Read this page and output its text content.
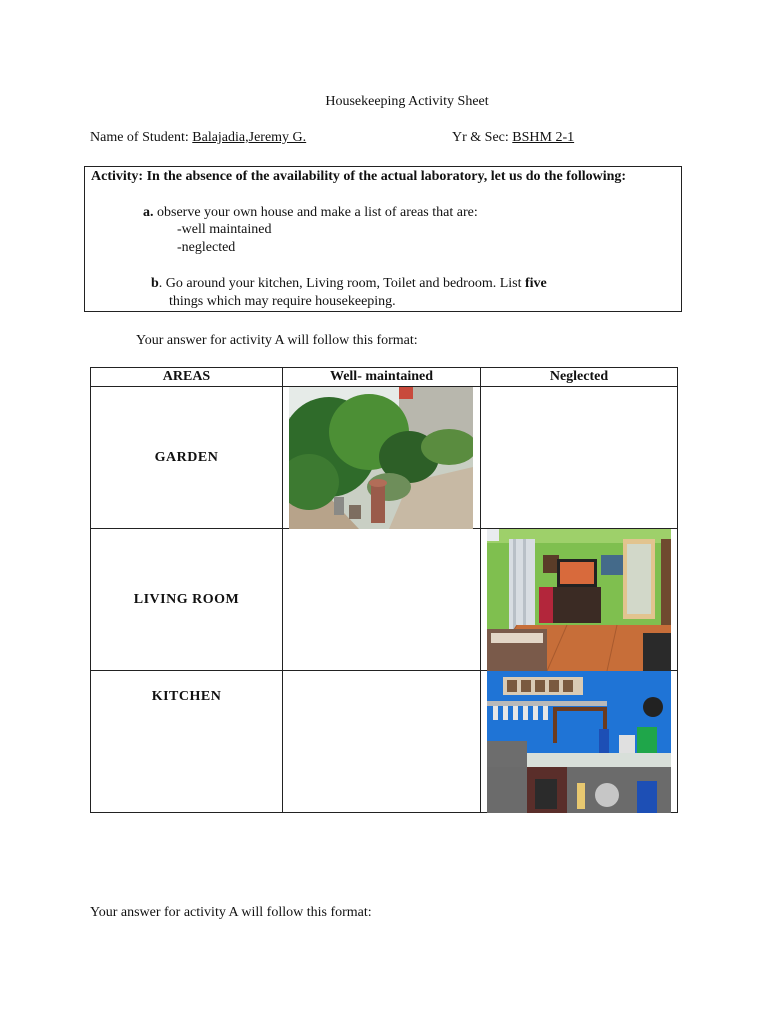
Housekeeping Activity Sheet
Name of Student: Balajadia,Jeremy G.	Yr & Sec: BSHM 2-1
Activity: In the absence of the availability of the actual laboratory, let us do the following:
a. observe your own house and make a list of areas that are:
-well maintained
-neglected
b. Go around your kitchen, Living room, Toilet and bedroom. List five
things which may require housekeeping.
Your answer for activity A will follow this format:
AREAS	Well- maintained	Neglected
GARDEN	

LIVING ROOM		

KITCHEN		
Your answer for activity A will follow this format:
